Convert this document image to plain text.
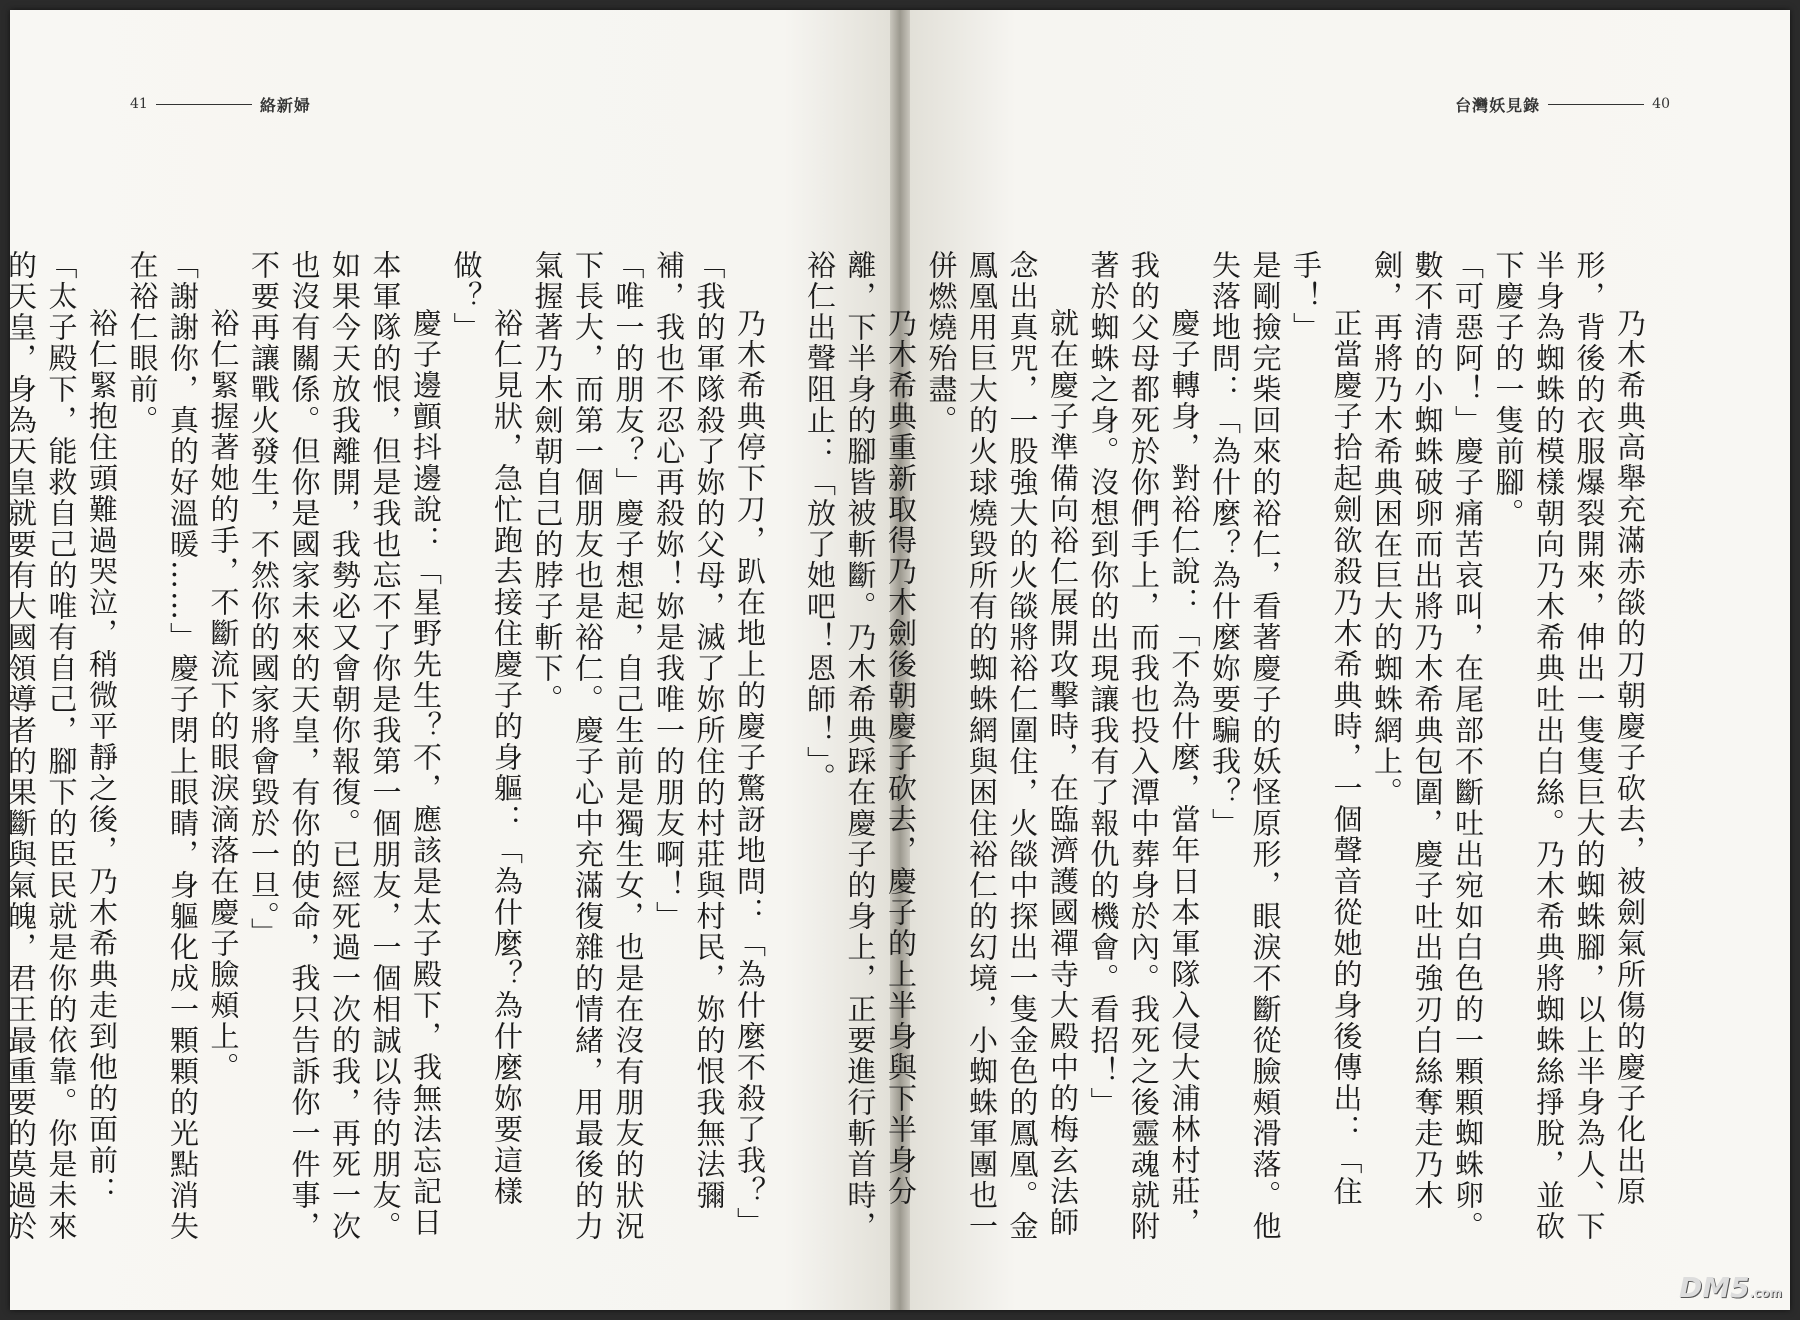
41	絡新婦

乃木希典停下刀，趴在地上的慶子驚訝地問：「為什麼不殺了我？」

「我的軍隊殺了妳的父母，滅了妳所住的村莊與村民，妳的恨我無法彌補，我也不忍心再殺妳！妳是我唯一的朋友啊！」

「唯一的朋友？」慶子想起，自己生前是獨生女，也是在沒有朋友的狀況下長大，而第一個朋友也是裕仁。慶子心中充滿復雜的情緒，用最後的力氣握著乃木劍朝自己的脖子斬下。

裕仁見狀，急忙跑去接住慶子的身軀：「為什麼？為什麼妳要這樣做？」

慶子邊顫抖邊說：「星野先生？不，應該是太子殿下，我無法忘記日本軍隊的恨，但是我也忘不了你是我第一個朋友，一個相誠以待的朋友。如果今天放我離開，我勢必又會朝你報復。已經死過一次的我，再死一次也沒有關係。但你是國家未來的天皇，有你的使命，我只告訴你一件事，不要再讓戰火發生，不然你的國家將會毀於一旦。」

裕仁緊握著她的手，不斷流下的眼淚滴落在慶子臉頰上。

「謝謝你，真的好溫暖……」慶子閉上眼睛，身軀化成一顆顆的光點消失在裕仁眼前。

裕仁緊抱住頭難過哭泣，稍微平靜之後，乃木希典走到他的面前：「太子殿下，能救自己的唯有自己，腳下的臣民就是你的依靠。你是未來的天皇，身為天皇就要有大國領導者的果斷與氣魄，君王最重要的莫過於

台灣妖見錄	40

乃木希典高舉充滿赤燄的刀朝慶子砍去，被劍氣所傷的慶子化出原形，背後的衣服爆裂開來，伸出一隻隻巨大的蜘蛛腳，以上半身為人、下半身為蜘蛛的模樣朝向乃木希典吐出白絲。乃木希典將蜘蛛絲掙脫，並砍下慶子的一隻前腳。

「可惡阿！」慶子痛苦哀叫，在尾部不斷吐出宛如白色的一顆顆蜘蛛卵。數不清的小蜘蛛破卵而出將乃木希典包圍，慶子吐出強刃白絲奪走乃木劍，再將乃木希典困在巨大的蜘蛛網上。

正當慶子拾起劍欲殺乃木希典時，一個聲音從她的身後傳出：「住手！」

是剛撿完柴回來的裕仁，看著慶子的妖怪原形，眼淚不斷從臉頰滑落。他失落地問：「為什麼？為什麼妳要騙我？」

慶子轉身，對裕仁說：「不為什麼，當年日本軍隊入侵大浦林村莊，我的父母都死於你們手上，而我也投入潭中葬身於內。我死之後靈魂就附著於蜘蛛之身。沒想到你的出現讓我有了報仇的機會。看招！」

就在慶子準備向裕仁展開攻擊時，在臨濟護國禪寺大殿中的梅玄法師念出真咒，一股強大的火燄將裕仁圍住，火燄中探出一隻金色的鳳凰。金鳳凰用巨大的火球燒毀所有的蜘蛛網與困住裕仁的幻境，小蜘蛛軍團也一併燃燒殆盡。

乃木希典重新取得乃木劍後朝慶子砍去，慶子的上半身與下半身分離，下半身的腳皆被斬斷。乃木希典踩在慶子的身上，正要進行斬首時，裕仁出聲阻止：「放了她吧！恩師！」。

DM5.com
